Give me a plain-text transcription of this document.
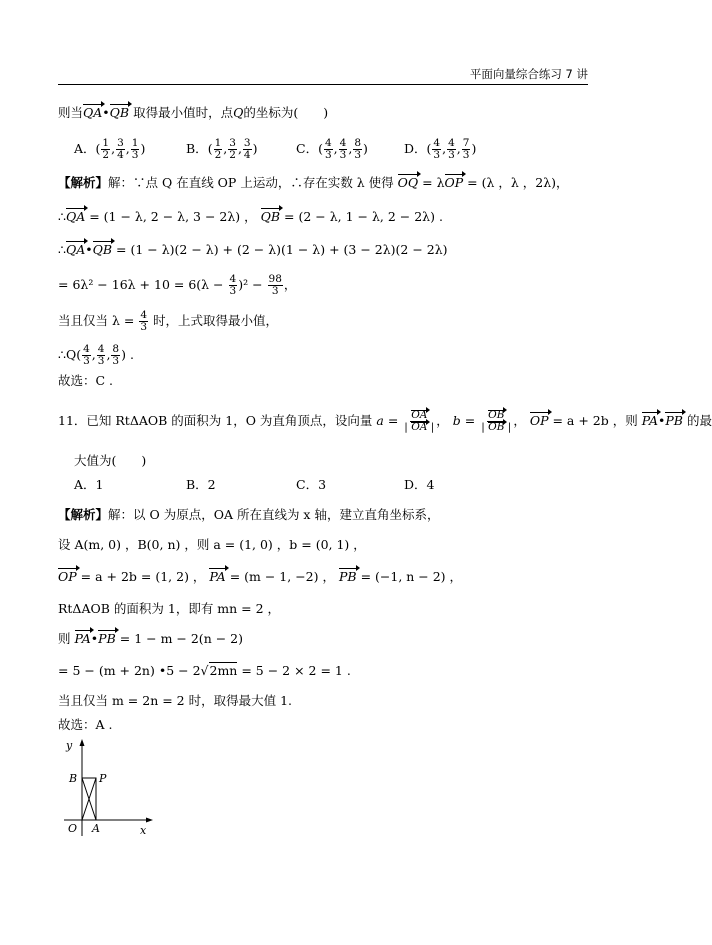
平面向量综合练习 7 讲
则当QA•QB 取得最小值时，点Q的坐标为(　　)
A．( $\frac{1}{2}$ , $\frac{3}{4}$ , $\frac{1}{3}$ )	B．( $\frac{1}{2}$ , $\frac{3}{2}$ , $\frac{3}{4}$ )	C．( $\frac{4}{3}$ , $\frac{4}{3}$ , $\frac{8}{3}$ )	D．( $\frac{4}{3}$ , $\frac{4}{3}$ , $\frac{7}{3}$ )
【解析】解：∵点 Q 在直线 OP 上运动，∴存在实数 λ 使得 OQ = λOP = (λ ，λ ，2λ)，
∴QA = (1 − λ, 2 − λ, 3 − 2λ) ， QB = (2 − λ, 1 − λ, 2 − 2λ) .
∴QA•QB = (1 − λ)(2 − λ) + (2 − λ)(1 − λ) + (3 − 2λ)(2 − 2λ)
= $6\lambda^2 - 16\lambda + 10 = 6(\lambda - \frac{4}{3} )^2 - \frac{98}{3}$ ，
当且仅当 $\lambda = \frac{4}{3}$ 时，上式取得最小值，
∴Q( $\frac{4}{3}$ , $\frac{4}{3}$ , $\frac{8}{3}$ ) .
故选：C .
11．已知 RtΔAOB 的面积为 1，O 为直角顶点，设向量 $a = \frac{OA}{| OA |}$ ， $b = \frac{OB}{| OB |}$ ， OP = a + 2b ，则 PA•PB 的最
大值为(　　)
A．1	B．2	C．3	D．4
【解析】解：以 O 为原点，OA 所在直线为 x 轴，建立直角坐标系，
设 A(m, 0) ，B(0, n) ，则 a = (1, 0) ，b = (0, 1) ，
OP = a + 2b = (1, 2) ， PA = (m − 1, −2) ， PB = (−1, n − 2) ，
RtΔAOB 的面积为 1，即有 mn = 2 ，
则 PA•PB = 1 − m − 2(n − 2)
= 5 − (m + 2n) •5 − 2√2mn = 5 − 2 × 2 = 1 .
当且仅当 m = 2n = 2 时，取得最大值 1.
故选：A .
y
x
O A
B P
